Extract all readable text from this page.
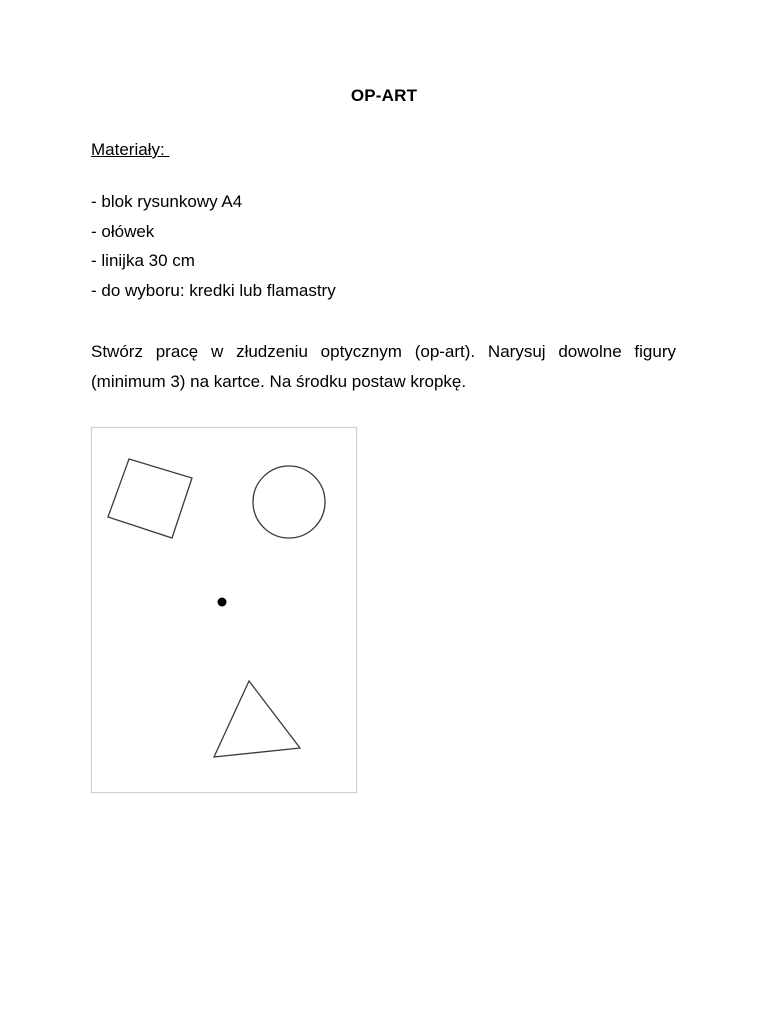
OP-ART
Materiały:
- blok rysunkowy A4
- ołówek
- linijka 30 cm
- do wyboru: kredki lub flamastry
Stwórz pracę w złudzeniu optycznym (op-art). Narysuj dowolne figury (minimum 3) na kartce. Na środku postaw kropkę.
